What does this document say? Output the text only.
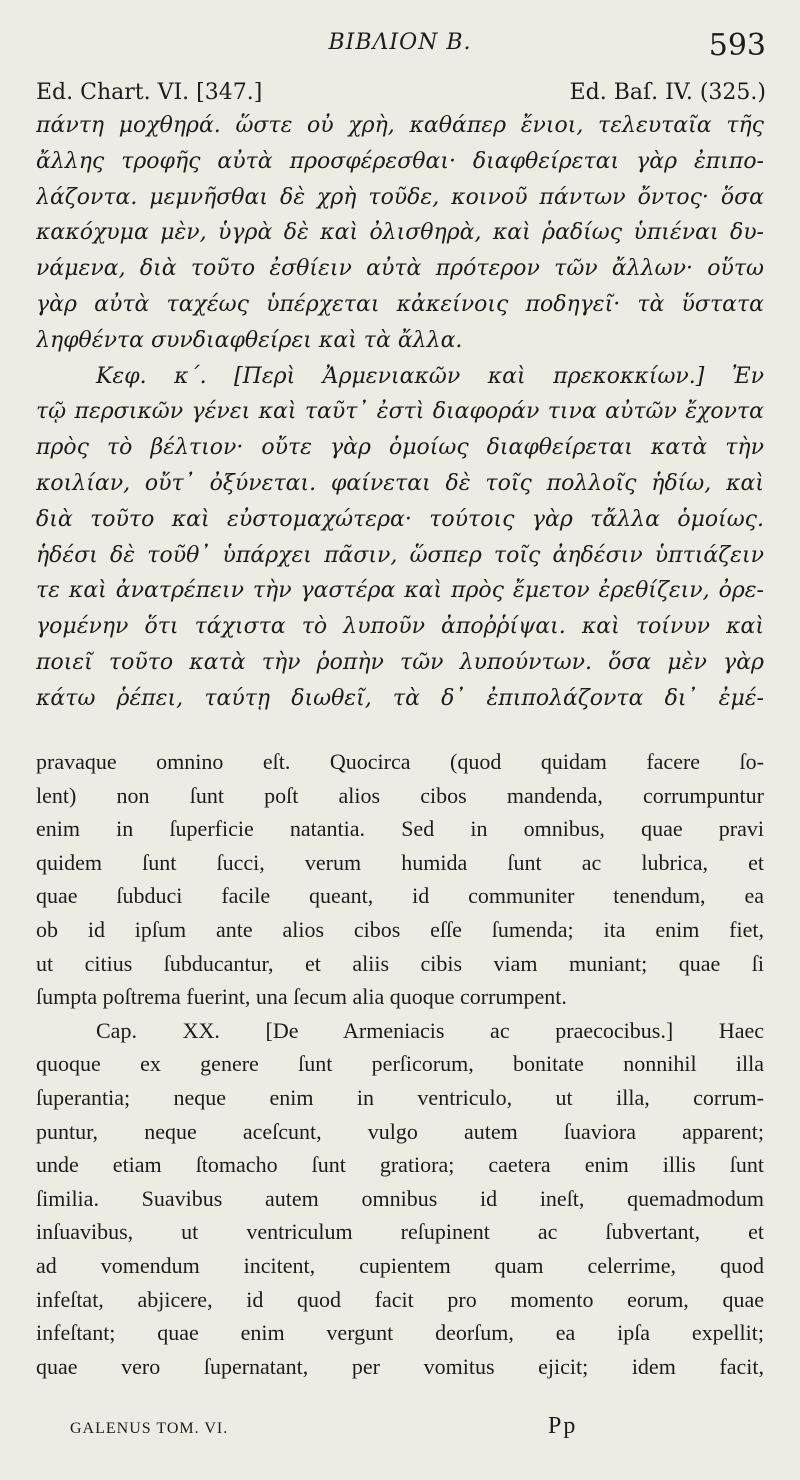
ΒΙΒΛΙΟΝ Β.	593
Ed. Chart. VI. [347.]	Ed. Baſ. IV. (325.)
πάντη μοχθηρά. ὥστε οὐ χρὴ, καθάπερ ἔνιοι, τελευταῖα τῆς
ἄλλης τροφῆς αὐτὰ προσφέρεσθαι· διαφθείρεται γὰρ ἐπιπο-
λάζοντα. μεμνῆσθαι δὲ χρὴ τοῦδε, κοινοῦ πάντων ὄντος· ὅσα
κακόχυμα μὲν, ὑγρὰ δὲ καὶ ὀλισθηρὰ, καὶ ῥαδίως ὑπιέναι δυ-
νάμενα, διὰ τοῦτο ἐσθίειν αὐτὰ πρότερον τῶν ἄλλων· οὕτω
γὰρ αὐτὰ ταχέως ὑπέρχεται κἀκείνοις ποδηγεῖ· τὰ ὕστατα
ληφθέντα συνδιαφθείρει καὶ τὰ ἄλλα.
Κεφ. κ΄. [Περὶ Ἀρμενιακῶν καὶ πρεκοκκίων.] Ἐν
τῷ περσικῶν γένει καὶ ταῦτ᾽ ἐστὶ διαφοράν τινα αὐτῶν ἔχοντα
πρὸς τὸ βέλτιον· οὔτε γὰρ ὁμοίως διαφθείρεται κατὰ τὴν
κοιλίαν, οὔτ᾽ ὀξύνεται. φαίνεται δὲ τοῖς πολλοῖς ἡδίω, καὶ
διὰ τοῦτο καὶ εὐστομαχώτερα· τούτοις γὰρ τἄλλα ὁμοίως.
ἡδέσι δὲ τοῦθ᾽ ὑπάρχει πᾶσιν, ὥσπερ τοῖς ἀηδέσιν ὑπτιάζειν
τε καὶ ἀνατρέπειν τὴν γαστέρα καὶ πρὸς ἔμετον ἐρεθίζειν, ὀρε-
γομένην ὅτι τάχιστα τὸ λυποῦν ἀποῤῥίψαι. καὶ τοίνυν καὶ
ποιεῖ τοῦτο κατὰ τὴν ῥοπὴν τῶν λυπούντων. ὅσα μὲν γὰρ
κάτω ῥέπει, ταύτῃ διωθεῖ, τὰ δ᾽ ἐπιπολάζοντα δι᾽ ἐμέ-
pravaque omnino eſt. Quocirca (quod quidam facere ſo-
lent) non ſunt poſt alios cibos mandenda, corrumpuntur
enim in ſuperficie natantia. Sed in omnibus, quae pravi
quidem ſunt ſucci, verum humida ſunt ac lubrica, et
quae ſubduci facile queant, id communiter tenendum, ea
ob id ipſum ante alios cibos eſſe ſumenda; ita enim fiet,
ut citius ſubducantur, et aliis cibis viam muniant; quae ſi
ſumpta poſtrema fuerint, una ſecum alia quoque corrumpent.
Cap. XX. [De Armeniacis ac praecocibus.] Haec
quoque ex genere ſunt perſicorum, bonitate nonnihil illa
ſuperantia; neque enim in ventriculo, ut illa, corrum-
puntur, neque aceſcunt, vulgo autem ſuaviora apparent;
unde etiam ſtomacho ſunt gratiora; caetera enim illis ſunt
ſimilia. Suavibus autem omnibus id ineſt, quemadmodum
inſuavibus, ut ventriculum reſupinent ac ſubvertant, et
ad vomendum incitent, cupientem quam celerrime, quod
infeſtat, abjicere, id quod facit pro momento eorum, quae
infeſtant; quae enim vergunt deorſum, ea ipſa expellit;
quae vero ſupernatant, per vomitus ejicit; idem facit,
GALENUS TOM. VI.	Pp
